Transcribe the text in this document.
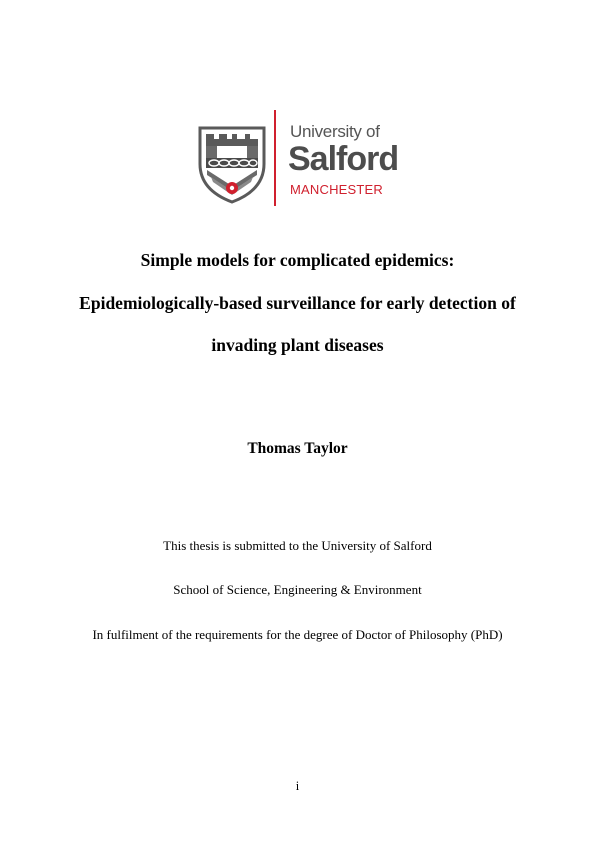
University of
Salford
MANCHESTER
Simple models for complicated epidemics:
Epidemiologically-based surveillance for early detection of
invading plant diseases
Thomas Taylor
This thesis is submitted to the University of Salford
School of Science, Engineering & Environment
In fulfilment of the requirements for the degree of Doctor of Philosophy (PhD)
i
